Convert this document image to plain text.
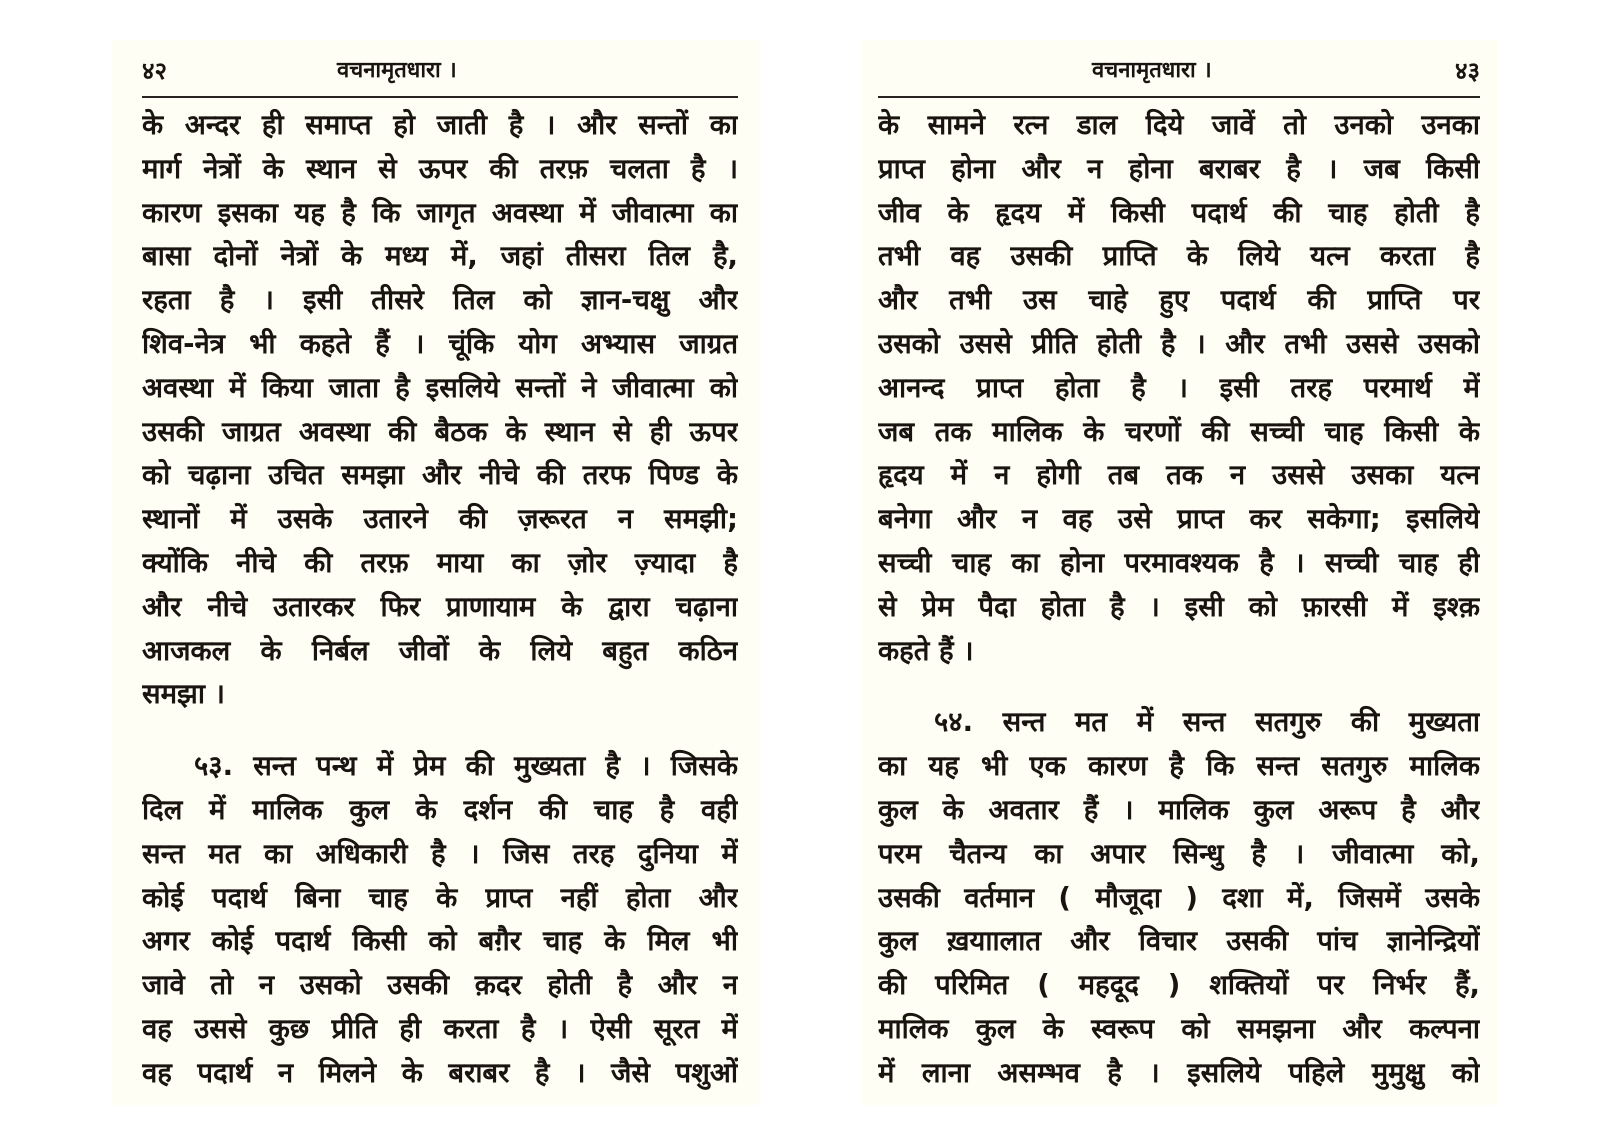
४२	वचनामृतधारा ।
के अन्दर ही समाप्त हो जाती है । और सन्तों का
मार्ग नेत्रों के स्थान से ऊपर की तरफ़ चलता है ।
कारण इसका यह है कि जागृत अवस्था में जीवात्मा का
बासा दोनों नेत्रों के मध्य में, जहां तीसरा तिल है,
रहता है । इसी तीसरे तिल को ज्ञान-चक्षु और
शिव-नेत्र भी कहते हैं । चूंकि योग अभ्यास जाग्रत
अवस्था में किया जाता है इसलिये सन्तों ने जीवात्मा को
उसकी जाग्रत अवस्था की बैठक के स्थान से ही ऊपर
को चढ़ाना उचित समझा और नीचे की तरफ पिण्ड के
स्थानों में उसके उतारने की ज़रूरत न समझी;
क्योंकि नीचे की तरफ़ माया का ज़ोर ज़्यादा है
और नीचे उतारकर फिर प्राणायाम के द्वारा चढ़ाना
आजकल के निर्बल जीवों के लिये बहुत कठिन
समझा ।
५३. सन्त पन्थ में प्रेम की मुख्यता है । जिसके
दिल में मालिक कुल के दर्शन की चाह है वही
सन्त मत का अधिकारी है । जिस तरह दुनिया में
कोई पदार्थ बिना चाह के प्राप्त नहीं होता और
अगर कोई पदार्थ किसी को बग़ैर चाह के मिल भी
जावे तो न उसको उसकी क़दर होती है और न
वह उससे कुछ प्रीति ही करता है । ऐसी सूरत में
वह पदार्थ न मिलने के बराबर है । जैसे पशुओं
वचनामृतधारा ।	४३
के सामने रत्न डाल दिये जावें तो उनको उनका
प्राप्त होना और न होना बराबर है । जब किसी
जीव के हृदय में किसी पदार्थ की चाह होती है
तभी वह उसकी प्राप्ति के लिये यत्न करता है
और तभी उस चाहे हुए पदार्थ की प्राप्ति पर
उसको उससे प्रीति होती है । और तभी उससे उसको
आनन्द प्राप्त होता है । इसी तरह परमार्थ में
जब तक मालिक के चरणों की सच्ची चाह किसी के
हृदय में न होगी तब तक न उससे उसका यत्न
बनेगा और न वह उसे प्राप्त कर सकेगा; इसलिये
सच्ची चाह का होना परमावश्यक है । सच्ची चाह ही
से प्रेम पैदा होता है । इसी को फ़ारसी में इश्क़
कहते हैं ।
५४. सन्त मत में सन्त सतगुरु की मुख्यता
का यह भी एक कारण है कि सन्त सतगुरु मालिक
कुल के अवतार हैं । मालिक कुल अरूप है और
परम चैतन्य का अपार सिन्धु है । जीवात्मा को,
उसकी वर्तमान ( मौजूदा ) दशा में, जिसमें उसके
कुल ख़याालात और विचार उसकी पांच ज्ञानेन्द्रियों
की परिमित ( महदूद ) शक्तियों पर निर्भर हैं,
मालिक कुल के स्वरूप को समझना और कल्पना
में लाना असम्भव है । इसलिये पहिले मुमुक्षु को
